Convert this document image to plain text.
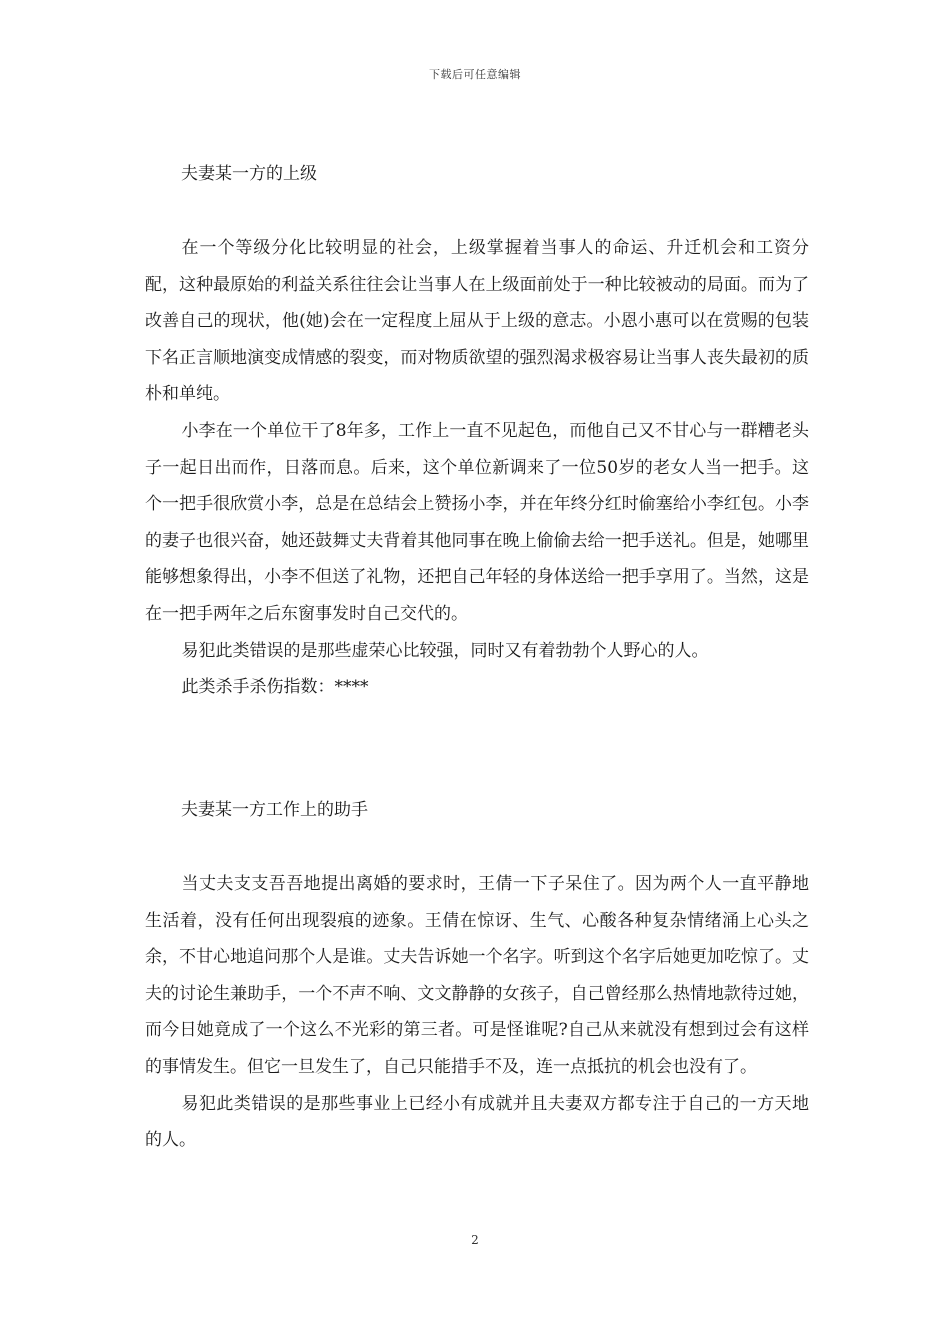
下载后可任意编辑
夫妻某一方的上级

在一个等级分化比较明显的社会，上级掌握着当事人的命运、升迁机会和工资分配，这种最原始的利益关系往往会让当事人在上级面前处于一种比较被动的局面。而为了改善自己的现状，他(她)会在一定程度上屈从于上级的意志。小恩小惠可以在赏赐的包装下名正言顺地演变成情感的裂变，而对物质欲望的强烈渴求极容易让当事人丧失最初的质朴和单纯。

小李在一个单位干了8年多，工作上一直不见起色，而他自己又不甘心与一群糟老头子一起日出而作，日落而息。后来，这个单位新调来了一位50岁的老女人当一把手。这个一把手很欣赏小李，总是在总结会上赞扬小李，并在年终分红时偷塞给小李红包。小李的妻子也很兴奋，她还鼓舞丈夫背着其他同事在晚上偷偷去给一把手送礼。但是，她哪里能够想象得出，小李不但送了礼物，还把自己年轻的身体送给一把手享用了。当然，这是在一把手两年之后东窗事发时自己交代的。

易犯此类错误的是那些虚荣心比较强，同时又有着勃勃个人野心的人。

此类杀手杀伤指数：****

夫妻某一方工作上的助手

当丈夫支支吾吾地提出离婚的要求时，王倩一下子呆住了。因为两个人一直平静地生活着，没有任何出现裂痕的迹象。王倩在惊讶、生气、心酸各种复杂情绪涌上心头之余，不甘心地追问那个人是谁。丈夫告诉她一个名字。听到这个名字后她更加吃惊了。丈夫的讨论生兼助手，一个不声不响、文文静静的女孩子，自己曾经那么热情地款待过她，而今日她竟成了一个这么不光彩的第三者。可是怪谁呢?自己从来就没有想到过会有这样的事情发生。但它一旦发生了，自己只能措手不及，连一点抵抗的机会也没有了。

易犯此类错误的是那些事业上已经小有成就并且夫妻双方都专注于自己的一方天地的人。

2
